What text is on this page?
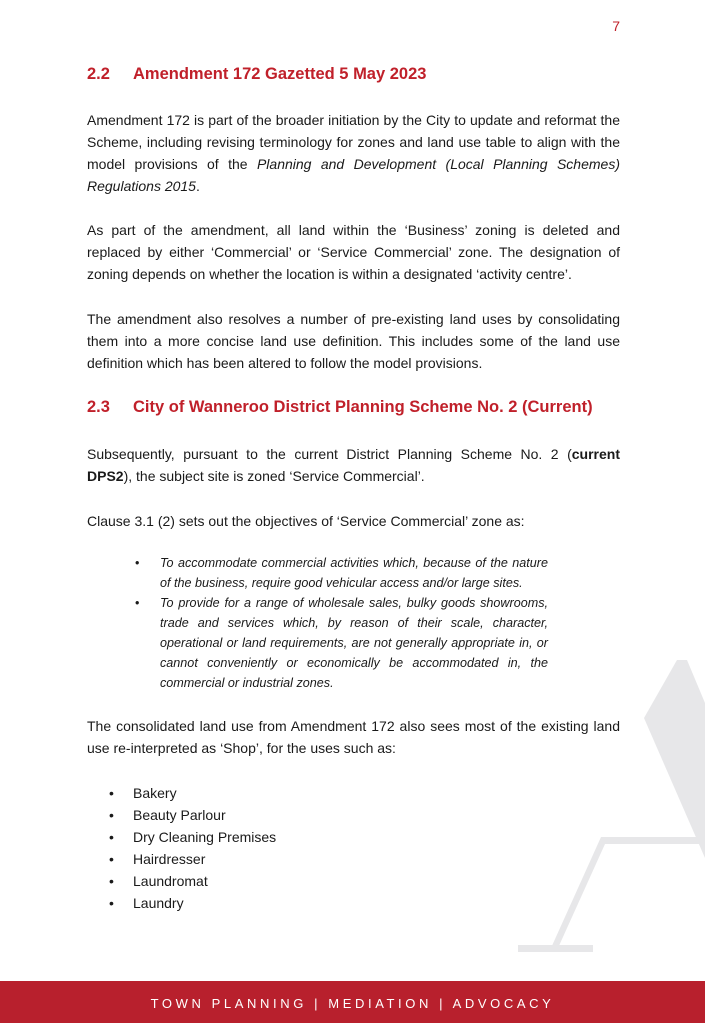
7
2.2 Amendment 172 Gazetted 5 May 2023

Amendment 172 is part of the broader initiation by the City to update and reformat the Scheme, including revising terminology for zones and land use table to align with the model provisions of the Planning and Development (Local Planning Schemes) Regulations 2015.

As part of the amendment, all land within the ‘Business’ zoning is deleted and replaced by either ‘Commercial’ or ‘Service Commercial’ zone. The designation of zoning depends on whether the location is within a designated ‘activity centre’.

The amendment also resolves a number of pre-existing land uses by consolidating them into a more concise land use definition. This includes some of the land use definition which has been altered to follow the model provisions.

2.3 City of Wanneroo District Planning Scheme No. 2 (Current)

Subsequently, pursuant to the current District Planning Scheme No. 2 (current DPS2), the subject site is zoned ‘Service Commercial’.

Clause 3.1 (2) sets out the objectives of ‘Service Commercial’ zone as:

• To accommodate commercial activities which, because of the nature of the business, require good vehicular access and/or large sites.
• To provide for a range of wholesale sales, bulky goods showrooms, trade and services which, by reason of their scale, character, operational or land requirements, are not generally appropriate in, or cannot conveniently or economically be accommodated in, the commercial or industrial zones.

The consolidated land use from Amendment 172 also sees most of the existing land use re-interpreted as ‘Shop’, for the uses such as:

• Bakery
• Beauty Parlour
• Dry Cleaning Premises
• Hairdresser
• Laundromat
• Laundry
TOWN PLANNING | MEDIATION | ADVOCACY
